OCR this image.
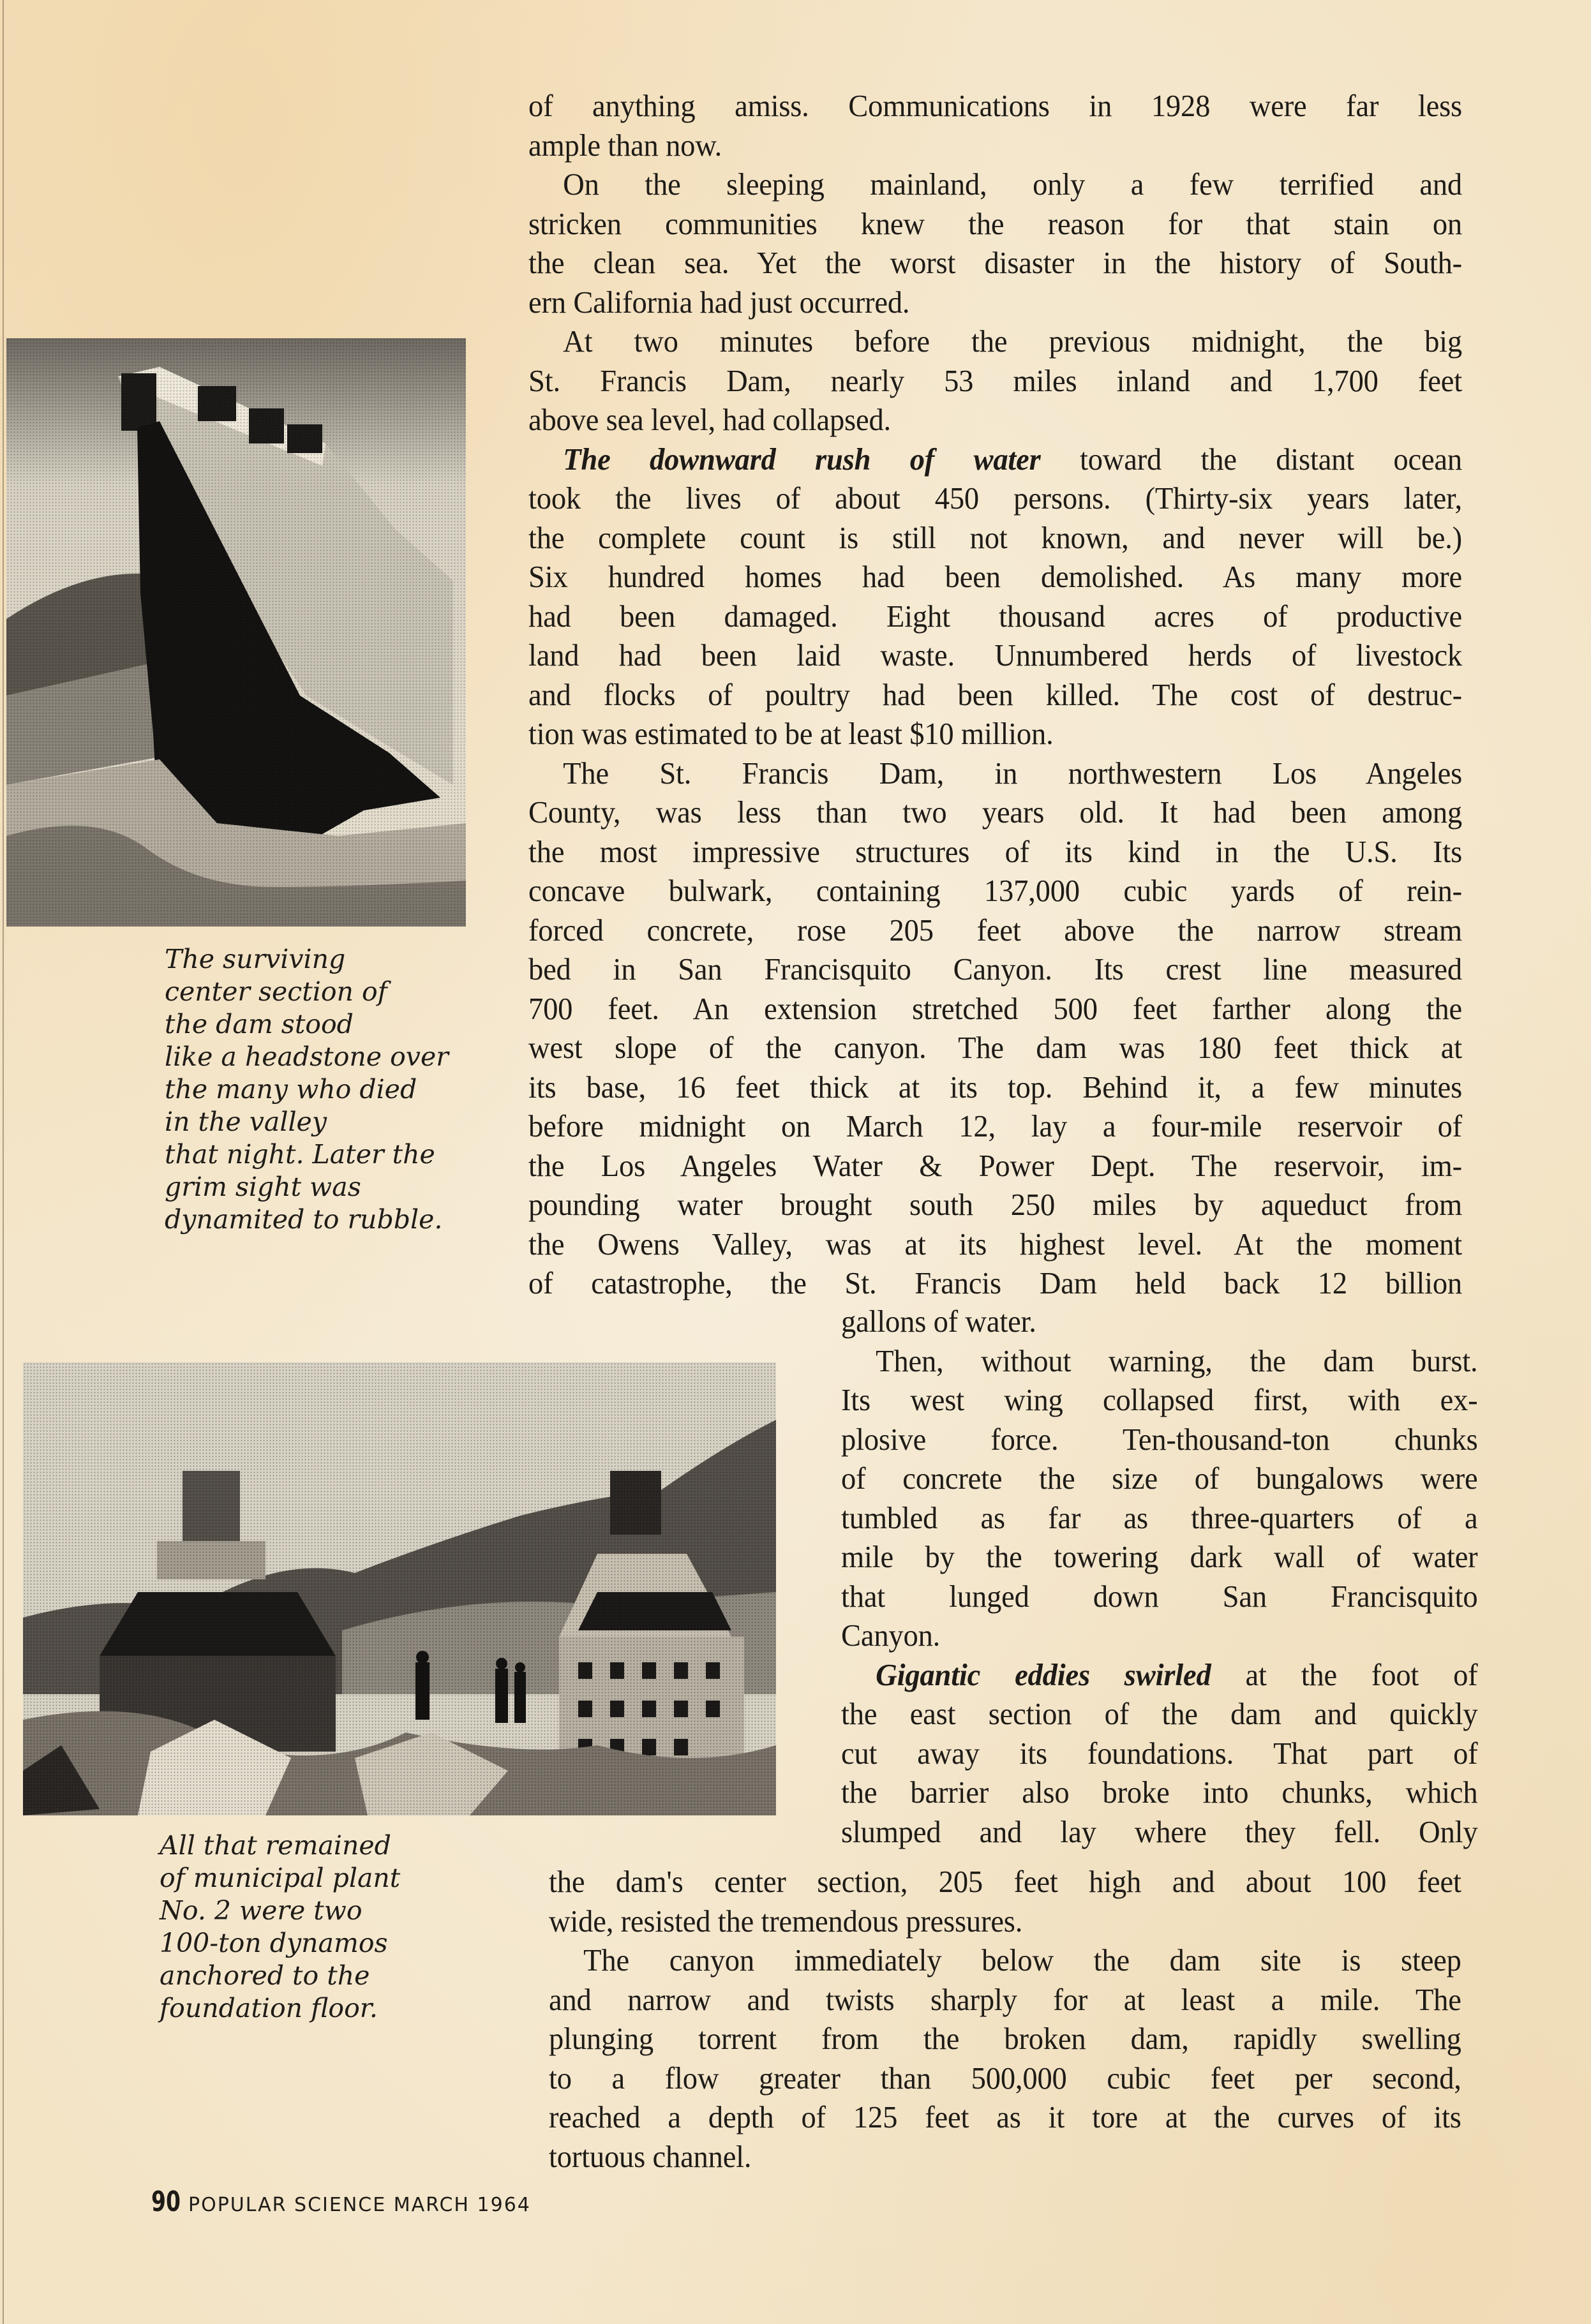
The surviving
center section of
the dam stood
like a headstone over
the many who died
in the valley
that night. Later the
grim sight was
dynamited to rubble.
All that remained
of municipal plant
No. 2 were two
100-ton dynamos
anchored to the
foundation floor.
of anything amiss. Communications in 1928 were far less
ample than now.
On the sleeping mainland, only a few terrified and
stricken communities knew the reason for that stain on
the clean sea. Yet the worst disaster in the history of South-
ern California had just occurred.
At two minutes before the previous midnight, the big
St. Francis Dam, nearly 53 miles inland and 1,700 feet
above sea level, had collapsed.
The downward rush of water toward the distant ocean
took the lives of about 450 persons. (Thirty-six years later,
the complete count is still not known, and never will be.)
Six hundred homes had been demolished. As many more
had been damaged. Eight thousand acres of productive
land had been laid waste. Unnumbered herds of livestock
and flocks of poultry had been killed. The cost of destruc-
tion was estimated to be at least $10 million.
The St. Francis Dam, in northwestern Los Angeles
County, was less than two years old. It had been among
the most impressive structures of its kind in the U.S. Its
concave bulwark, containing 137,000 cubic yards of rein-
forced concrete, rose 205 feet above the narrow stream
bed in San Francisquito Canyon. Its crest line measured
700 feet. An extension stretched 500 feet farther along the
west slope of the canyon. The dam was 180 feet thick at
its base, 16 feet thick at its top. Behind it, a few minutes
before midnight on March 12, lay a four-mile reservoir of
the Los Angeles Water & Power Dept. The reservoir, im-
pounding water brought south 250 miles by aqueduct from
the Owens Valley, was at its highest level. At the moment
of catastrophe, the St. Francis Dam held back 12 billion
gallons of water.
Then, without warning, the dam burst.
Its west wing collapsed first, with ex-
plosive force. Ten-thousand-ton chunks
of concrete the size of bungalows were
tumbled as far as three-quarters of a
mile by the towering dark wall of water
that lunged down San Francisquito
Canyon.
Gigantic eddies swirled at the foot of
the east section of the dam and quickly
cut away its foundations. That part of
the barrier also broke into chunks, which
slumped and lay where they fell. Only
the dam's center section, 205 feet high and about 100 feet
wide, resisted the tremendous pressures.
The canyon immediately below the dam site is steep
and narrow and twists sharply for at least a mile. The
plunging torrent from the broken dam, rapidly swelling
to a flow greater than 500,000 cubic feet per second,
reached a depth of 125 feet as it tore at the curves of its
tortuous channel.
90 POPULAR SCIENCE MARCH 1964
